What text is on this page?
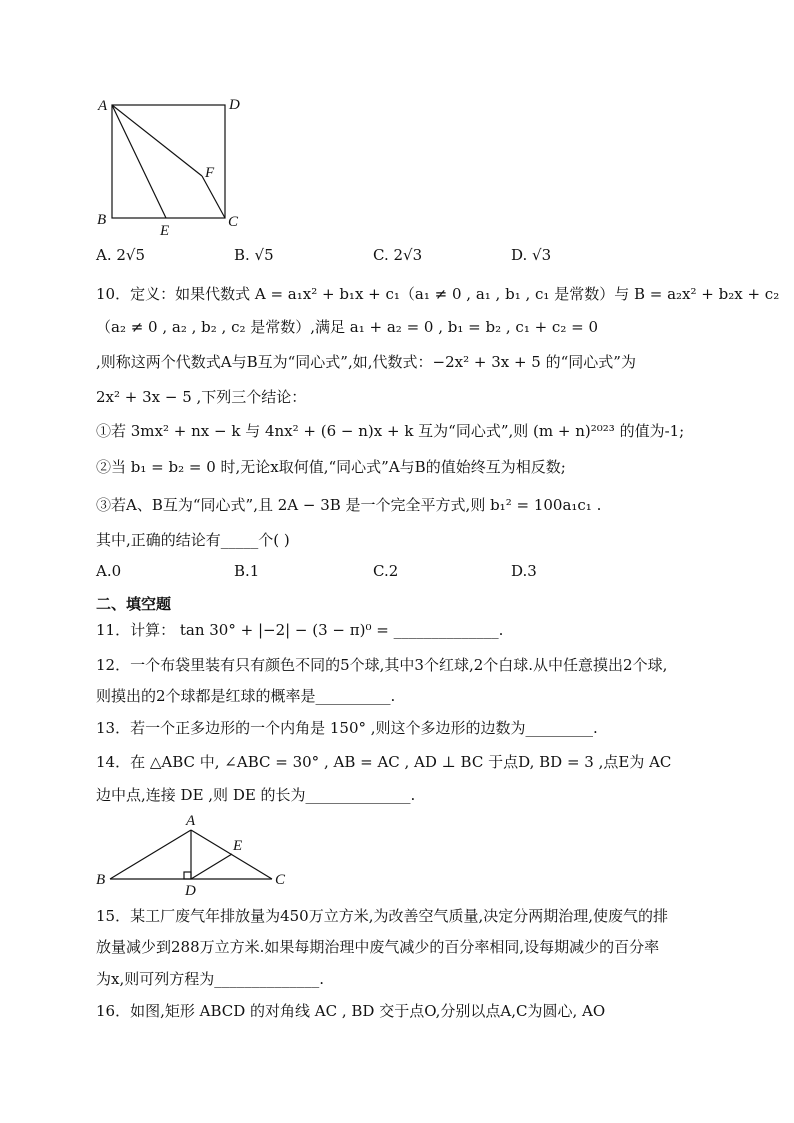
A	D
F
B
E
C
A. 2√5	B. √5	C. 2√3	D. √3
10．定义：如果代数式 A = a₁x² + b₁x + c₁（a₁ ≠ 0 , a₁ , b₁ , c₁ 是常数）与 B = a₂x² + b₂x + c₂
（a₂ ≠ 0 , a₂ , b₂ , c₂ 是常数）,满足 a₁ + a₂ = 0 , b₁ = b₂ , c₁ + c₂ = 0
,则称这两个代数式A与B互为“同心式”,如,代数式：−2x² + 3x + 5 的“同心式”为
2x² + 3x − 5 ,下列三个结论：
①若 3mx² + nx − k 与 4nx² + (6 − n)x + k 互为“同心式”,则 (m + n)²⁰²³ 的值为-1;
②当 b₁ = b₂ = 0 时,无论x取何值,“同心式”A与B的值始终互为相反数;
③若A、B互为“同心式”,且 2A − 3B 是一个完全平方式,则 b₁² = 100a₁c₁ .
其中,正确的结论有_____个( )
A.0	B.1	C.2	D.3
二、填空题
11．计算： tan 30° + |−2| − (3 − π)⁰ = ______________.
12．一个布袋里装有只有颜色不同的5个球,其中3个红球,2个白球.从中任意摸出2个球,
则摸出的2个球都是红球的概率是__________.
13．若一个正多边形的一个内角是 150° ,则这个多边形的边数为_________.
14．在 △ABC 中, ∠ABC = 30° , AB = AC , AD ⊥ BC 于点D, BD = 3 ,点E为 AC
边中点,连接 DE ,则 DE 的长为______________.
A
E
B
D
C
15．某工厂废气年排放量为450万立方米,为改善空气质量,决定分两期治理,使废气的排
放量减少到288万立方米.如果每期治理中废气减少的百分率相同,设每期减少的百分率
为x,则可列方程为______________.
16．如图,矩形 ABCD 的对角线 AC , BD 交于点O,分别以点A,C为圆心, AO
